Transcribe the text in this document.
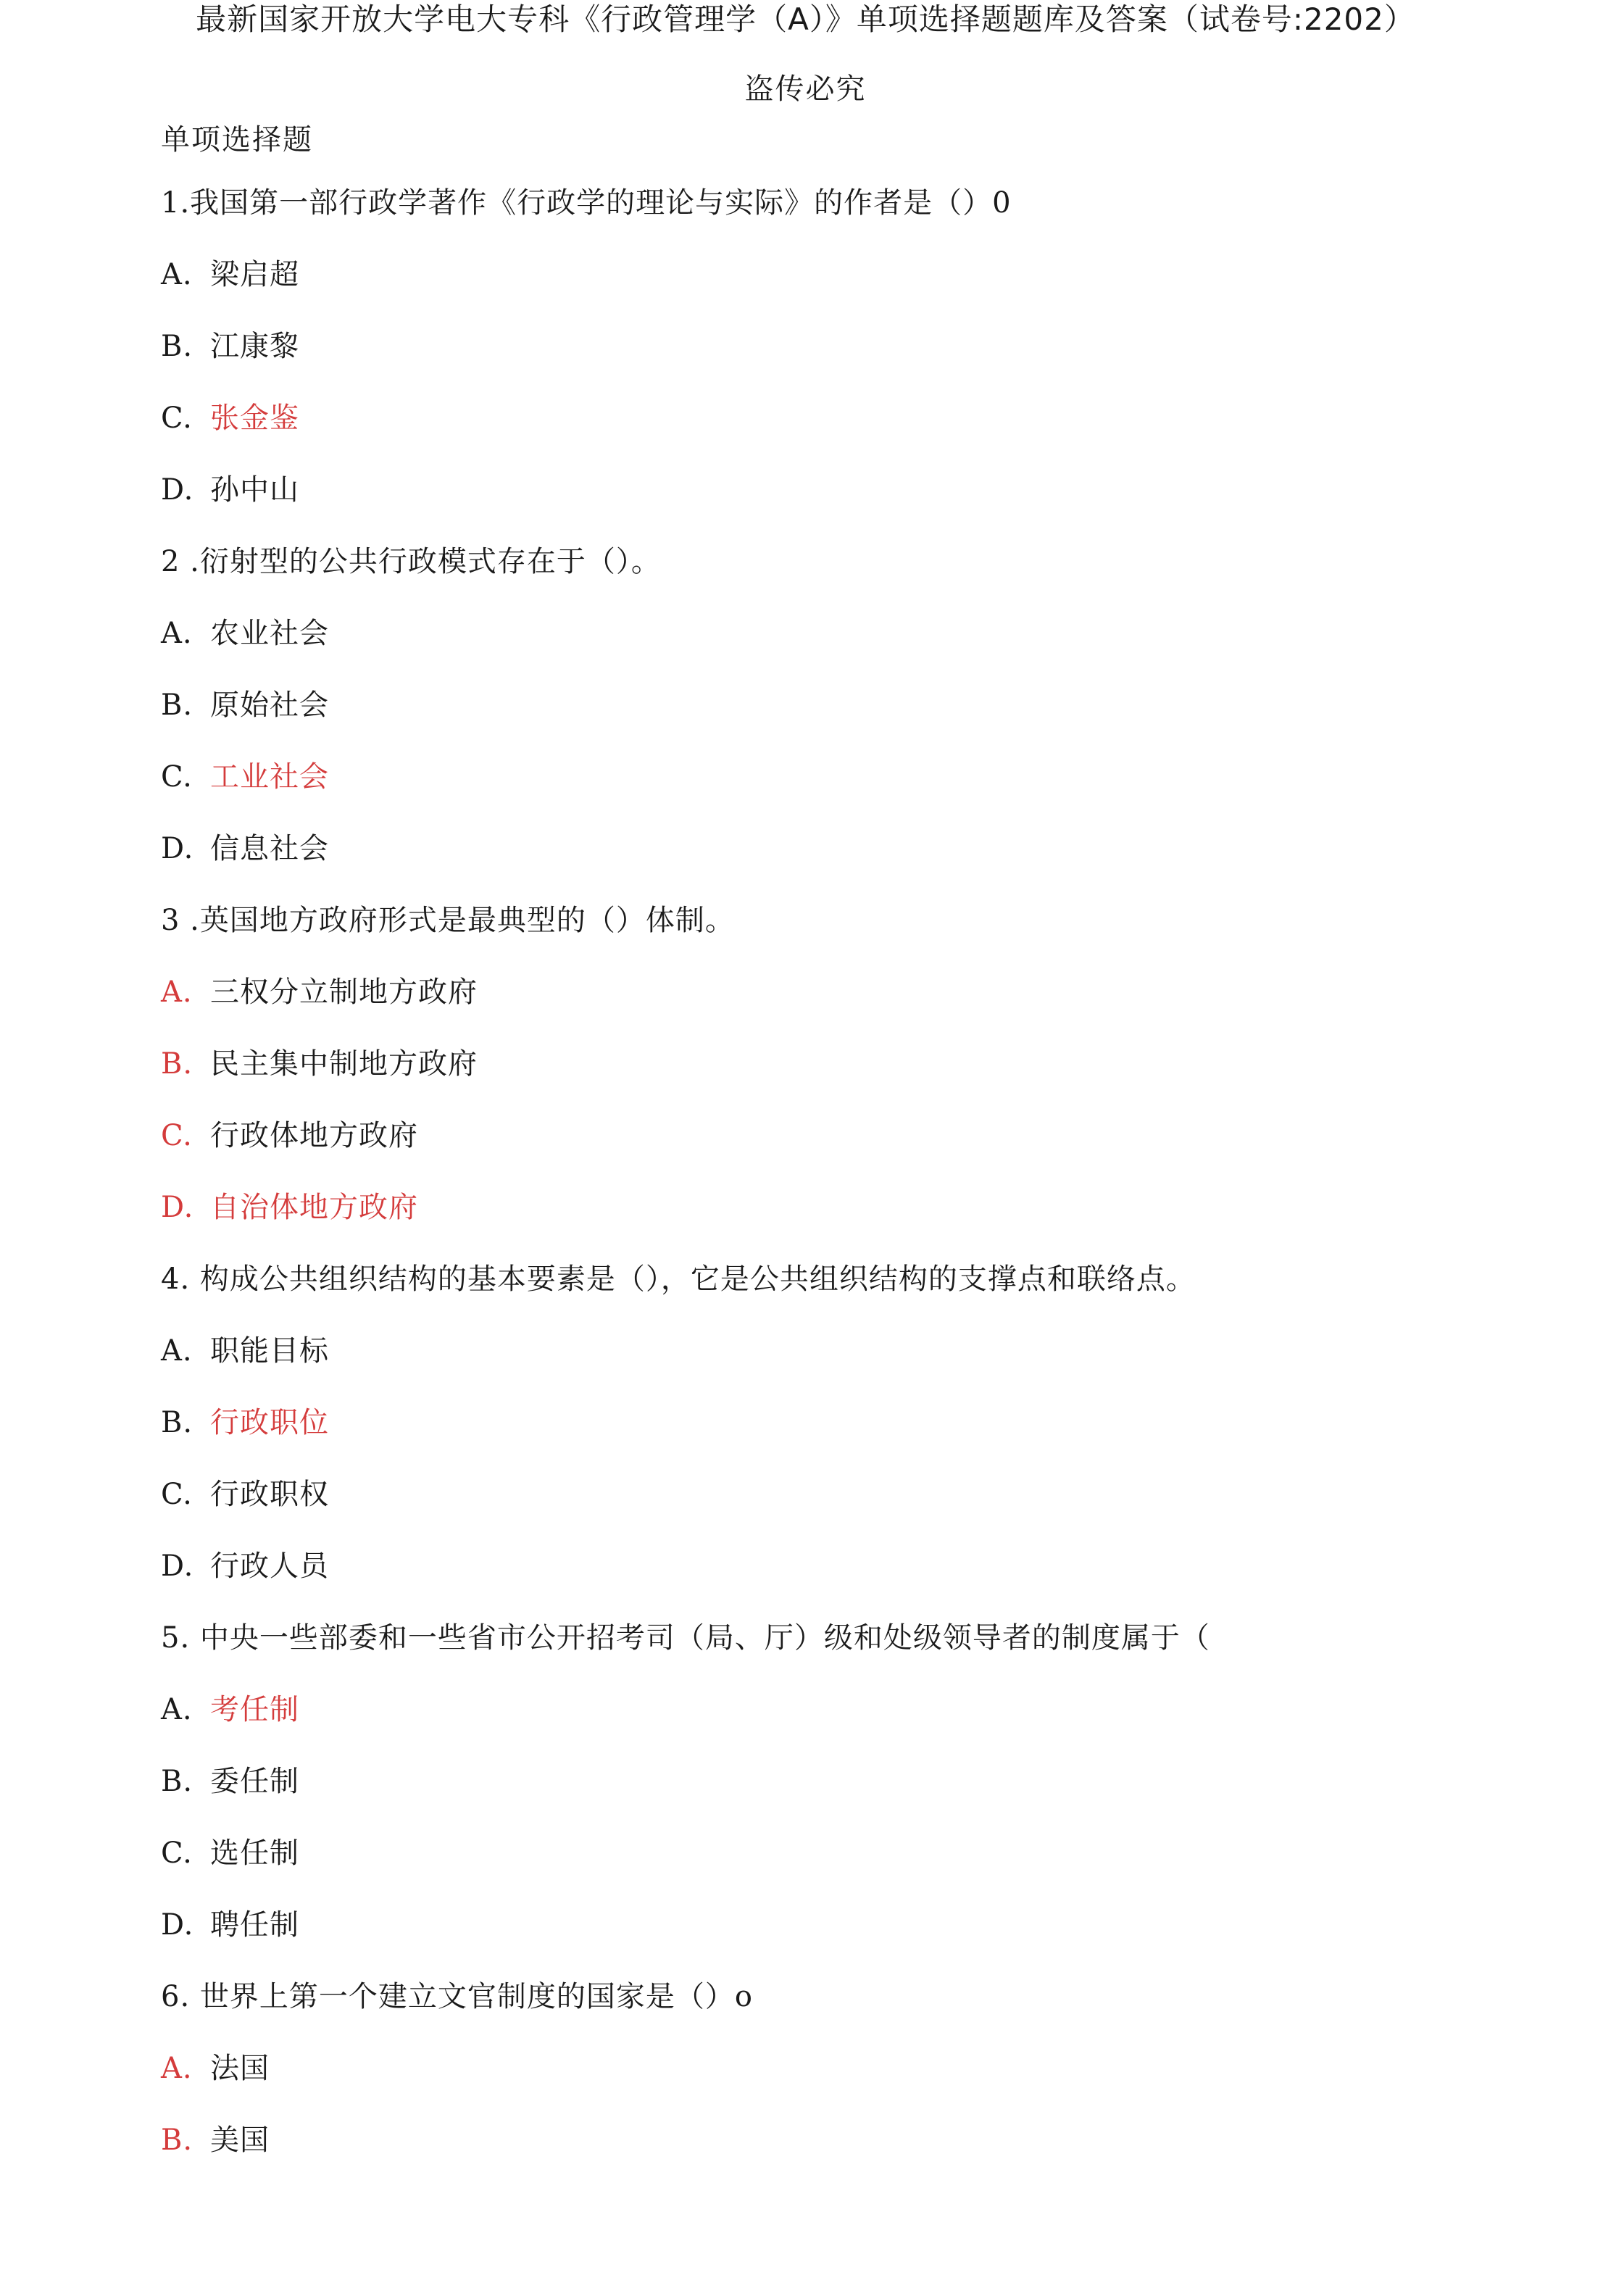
最新国家开放大学电大专科《行政管理学（A）》单项选择题题库及答案（试卷号:2202）
盗传必究
单项选择题
1.我国第一部行政学著作《行政学的理论与实际》的作者是（）0
A. 梁启超
B. 江康黎
C. 张金鉴
D. 孙中山
2 .衍射型的公共行政模式存在于（）。
A. 农业社会
B. 原始社会
C. 工业社会
D. 信息社会
3 .英国地方政府形式是最典型的（）体制。
A. 三权分立制地方政府
B. 民主集中制地方政府
C. 行政体地方政府
D. 自治体地方政府
4. 构成公共组织结构的基本要素是（），它是公共组织结构的支撑点和联络点。
A. 职能目标
B. 行政职位
C. 行政职权
D. 行政人员
5. 中央一些部委和一些省市公开招考司（局、厅）级和处级领导者的制度属于（
A. 考任制
B. 委任制
C. 选任制
D. 聘任制
6. 世界上第一个建立文官制度的国家是（）o
A. 法国
B. 美国
